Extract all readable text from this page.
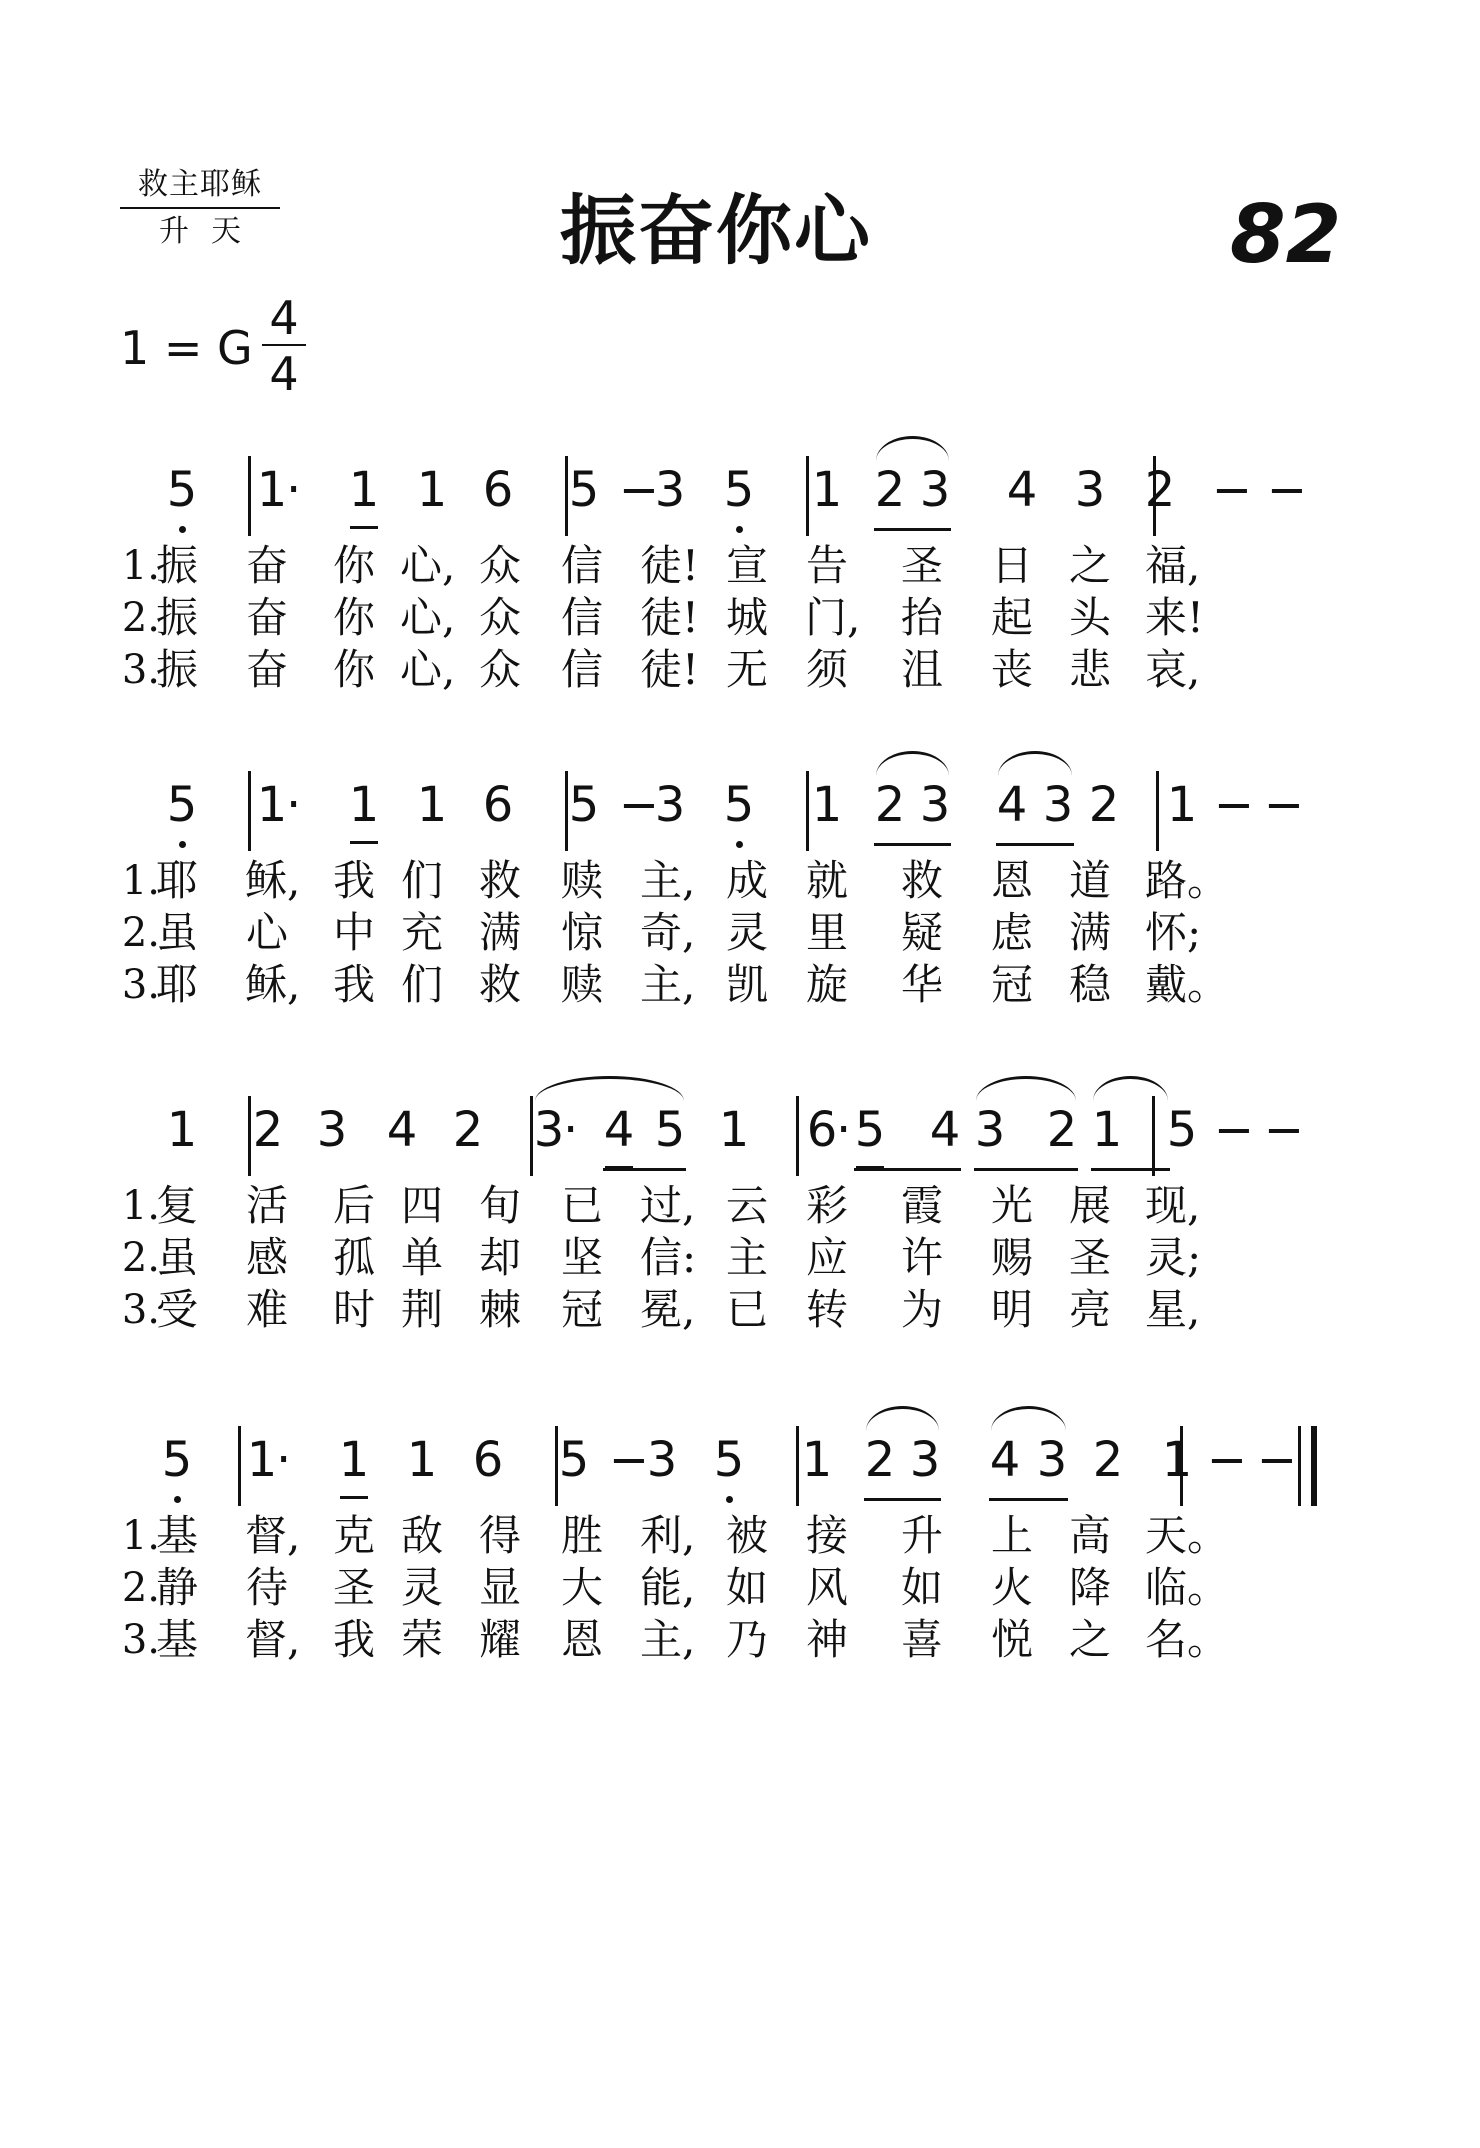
救主耶稣
升天	振奋你心	82
1 = G
4
4
5 1
· 1 1 6 5 −
3 5 1 2 3 4 3 2 − −
1.
振 奋 你 心, 众 信 徒! 宣 告 圣 日 之 福,
2.
振 奋 你 心, 众 信 徒! 城 门, 抬 起 头 来!
3.
振 奋 你 心, 众 信 徒! 无 须 沮 丧 悲 哀,
5 1
· 1 1 6 5 −
3 5 1 2 3 4 3 2 1 − −
1.
耶 稣, 我 们 救 赎 主, 成 就 救 恩 道 路。
2.
虽 心 中 充 满 惊 奇, 灵 里 疑 虑 满 怀;
3.
耶 稣, 我 们 救 赎 主, 凯 旋 华 冠 稳 戴。
1 2 3 4 2 3
· 4 5 1 6
· 5 4 3 2 1 5 − −
1.
复 活 后 四 旬 已 过, 云 彩 霞 光 展 现,
2.
虽 感 孤 单 却 坚 信: 主 应 许 赐 圣 灵;
3.
受 难 时 荆 棘 冠 冕, 已 转 为 明 亮 星,
5 1
· 1 1 6 5 −
3 5 1 2 3 4 3 2 1 − −
1.
基 督, 克 敌 得 胜 利, 被 接 升 上 高 天。
2.
静 待 圣 灵 显 大 能, 如 风 如 火 降 临。
3.
基 督, 我 荣 耀 恩 主, 乃 神 喜 悦 之 名。
